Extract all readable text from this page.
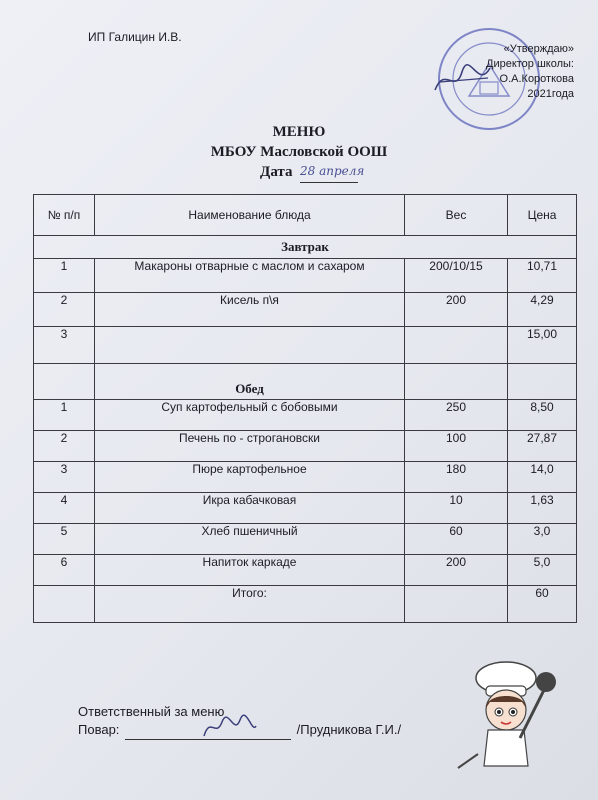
ИП Галицин И.В.
«Утверждаю»
Директор школы:
О.А.Короткова
2021года
МЕНЮ
МБОУ Масловской ООШ
Дата 28 апреля
№ п/п	Наименование блюда	Вес	Цена
Завтрак			
1	Макароны отварные с маслом и сахаром	200/10/15	10,71
2	Кисель п\я	200	4,29
3			15,00
	Обед		
1	Суп картофельный с бобовыми	250	8,50
2	Печень по - строгановски	100	27,87
3	Пюре картофельное	180	14,0
4	Икра кабачковая	10	1,63
5	Хлеб пшеничный	60	3,0
6	Напиток каркаде	200	5,0
	Итого:		60
Ответственный за меню
Повар:	/Прудникова Г.И./
